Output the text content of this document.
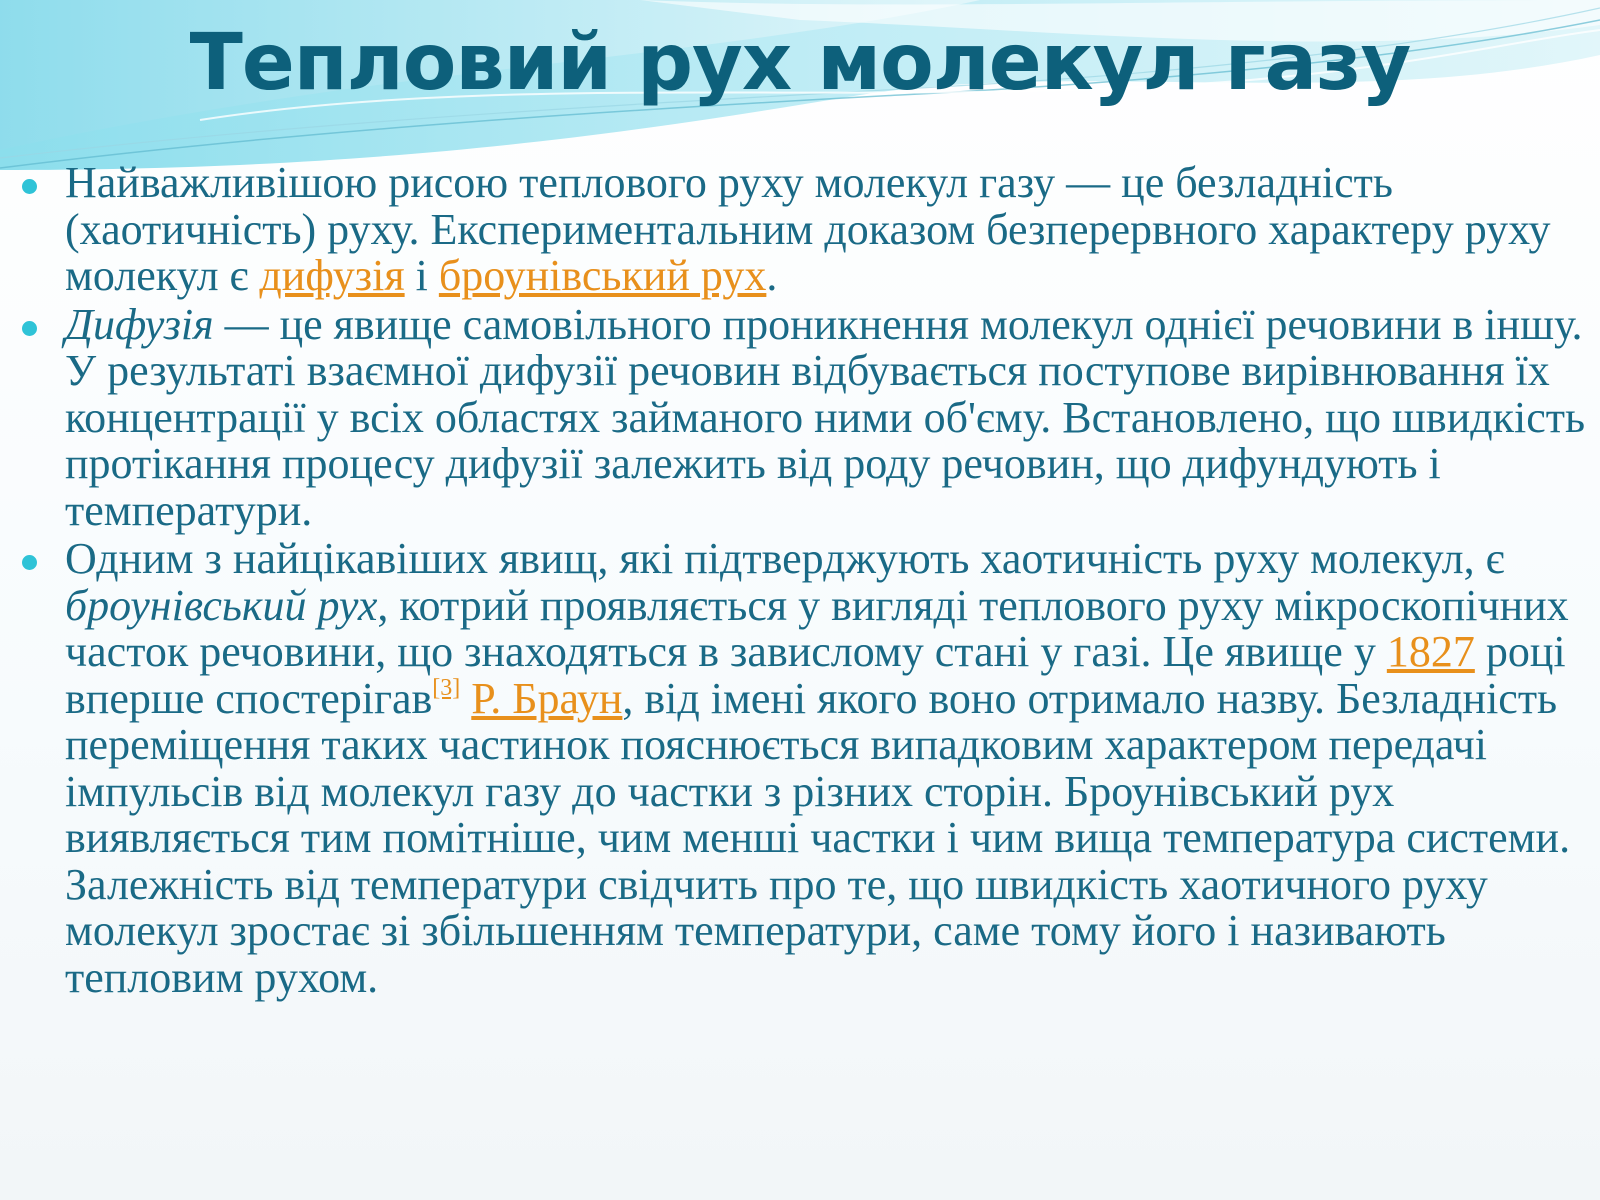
Тепловий рух молекул газу
Найважливішою рисою теплового руху молекул газу — це безладність (хаотичність) руху. Експериментальним доказом безперервного характеру руху молекул є дифузія і броунівський рух.
Дифузія — це явище самовільного проникнення молекул однієї речовини в іншу. У результаті взаємної дифузії речовин відбувається поступове вирівнювання їх концентрації у всіх областях займаного ними об'єму. Встановлено, що швидкість протікання процесу дифузії залежить від роду речовин, що дифундують і температури.
Одним з найцікавіших явищ, які підтверджують хаотичність руху молекул, є броунівський рух, котрий проявляється у вигляді теплового руху мікроскопічних часток речовини, що знаходяться в завислому стані у газі. Це явище у 1827 році вперше спостерігав[3] Р. Браун, від імені якого воно отримало назву. Безладність переміщення таких частинок пояснюється випадковим характером передачі імпульсів від молекул газу до частки з різних сторін. Броунівський рух виявляється тим помітніше, чим менші частки і чим вища температура системи. Залежність від температури свідчить про те, що швидкість хаотичного руху молекул зростає зі збільшенням температури, саме тому його і називають тепловим рухом.
